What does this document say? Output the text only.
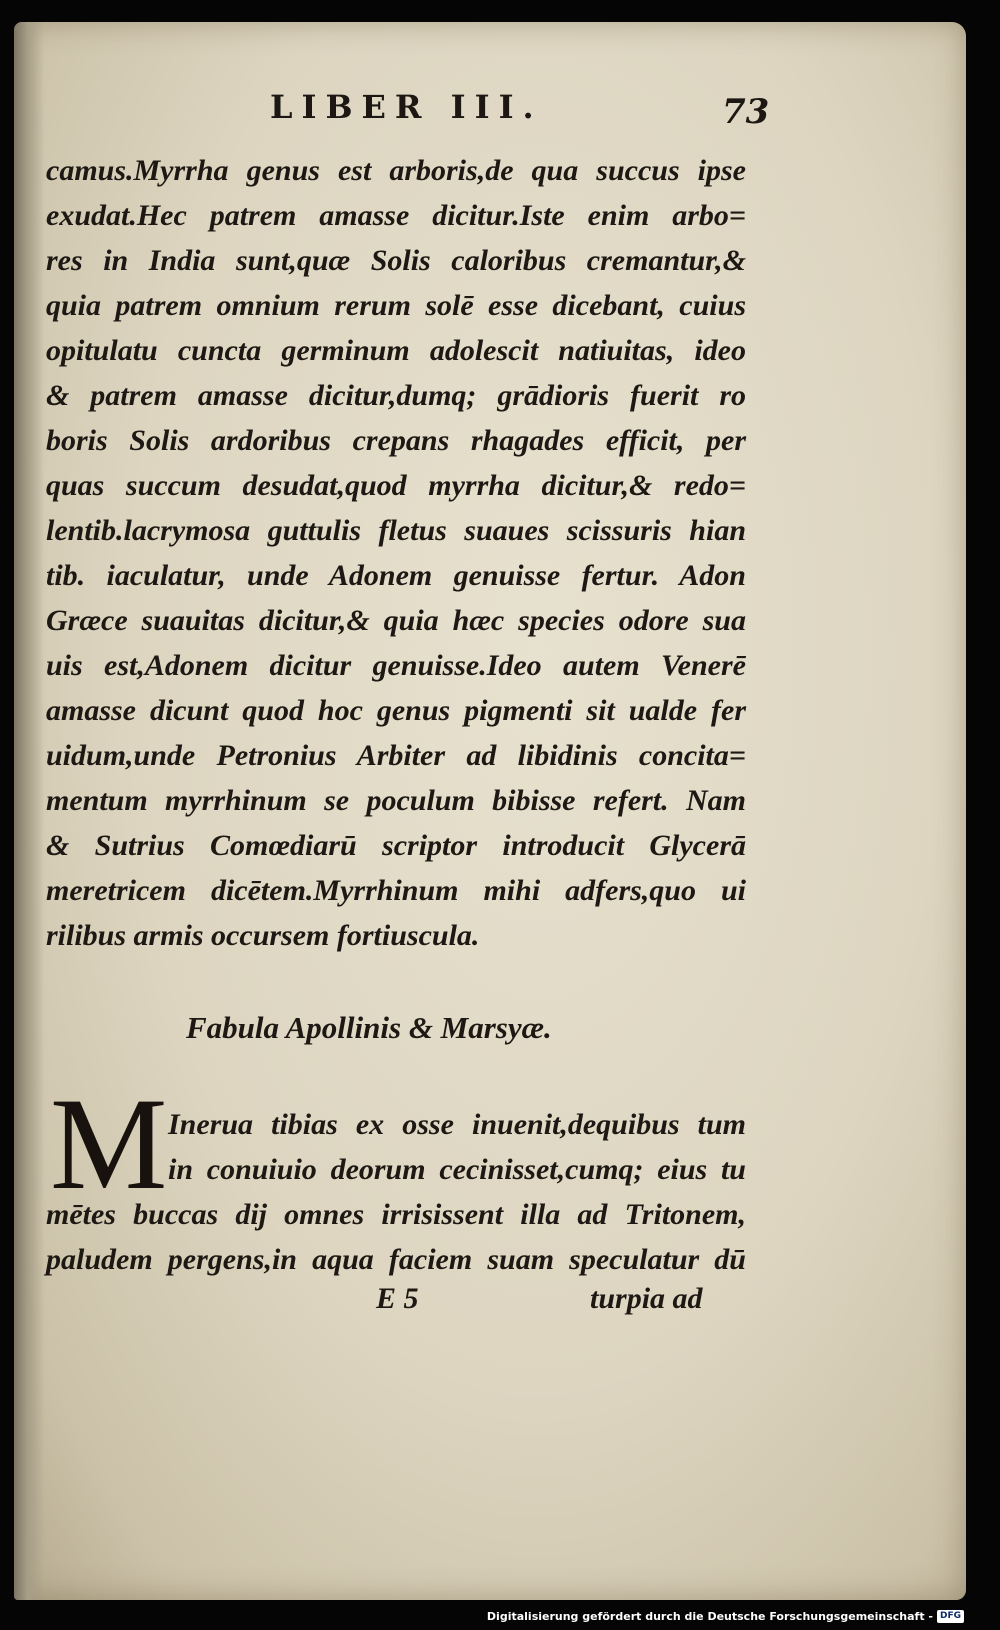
LIBER III.	73
camus.Myrrha genus est arboris,de qua succus ipse
exudat.Hec patrem amasse dicitur.Iste enim arbo=
res in India sunt,quæ Solis caloribus cremantur,&
quia patrem omnium rerum solē esse dicebant, cuius
opitulatu cuncta germinum adolescit natiuitas, ideo
& patrem amasse dicitur,dumq; grādioris fuerit ro
boris Solis ardoribus crepans rhagades efficit, per
quas succum desudat,quod myrrha dicitur,& redo=
lentib.lacrymosa guttulis fletus suaues scissuris hian
tib. iaculatur, unde Adonem genuisse fertur. Adon
Græce suauitas dicitur,& quia hæc species odore sua
uis est,Adonem dicitur genuisse.Ideo autem Venerē
amasse dicunt quod hoc genus pigmenti sit ualde fer
uidum,unde Petronius Arbiter ad libidinis concita=
mentum myrrhinum se poculum bibisse refert. Nam
& Sutrius Comœdiarū scriptor introducit Glycerā
meretricem dicētem.Myrrhinum mihi adfers,quo ui
rilibus armis occursem fortiuscula.
Fabula Apollinis & Marsyæ.
M Inerua tibias ex osse inuenit,dequibus tum
in conuiuio deorum cecinisset,cumq; eius tu
mētes buccas dij omnes irrisissent illa ad Tritonem,
paludem pergens,in aqua faciem suam speculatur dū
E 5	turpia ad
Digitalisierung gefördert durch die Deutsche Forschungsgemeinschaft - DFG
